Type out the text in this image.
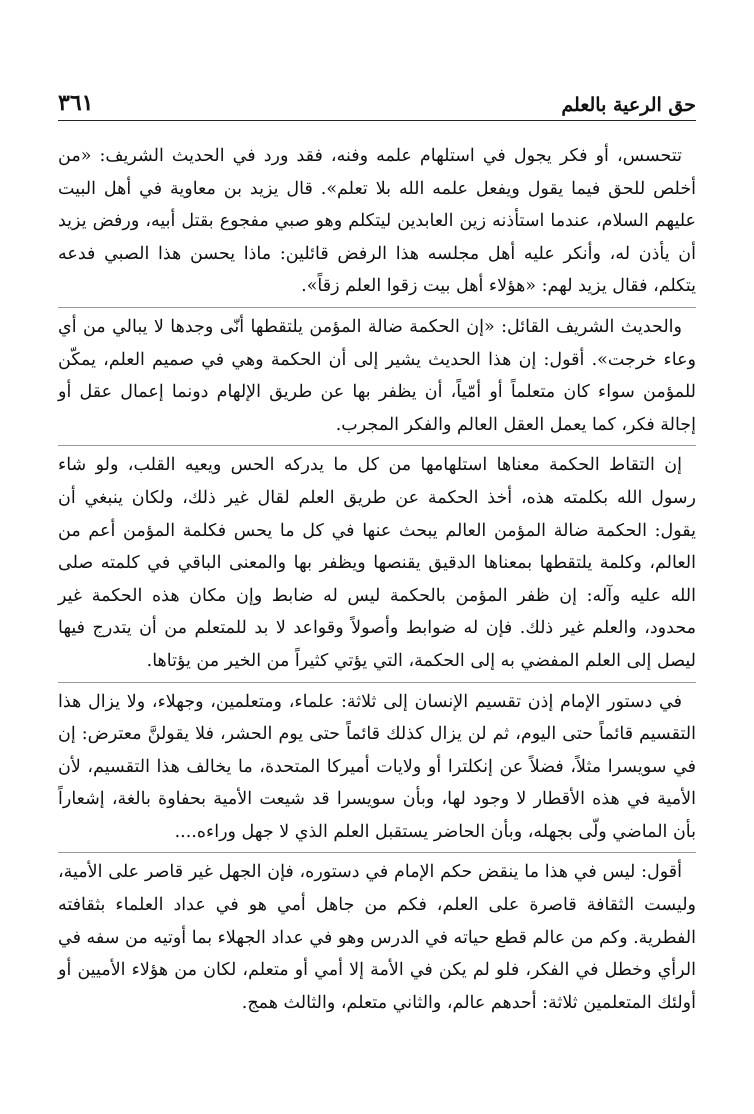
حق الرعية بالعلم
٣٦١

تتحسس، أو فكر يجول في استلهام علمه وفنه، فقد ورد في الحديث الشريف: «من أخلص للحق فيما يقول ويفعل علمه الله بلا تعلم». قال يزيد بن معاوية في أهل البيت عليهم السلام، عندما استأذنه زين العابدين ليتكلم وهو صبي مفجوع بقتل أبيه، ورفض يزيد أن يأذن له، وأنكر عليه أهل مجلسه هذا الرفض قائلين: ماذا يحسن هذا الصبي فدعه يتكلم، فقال يزيد لهم: «هؤلاء أهل بيت زقوا العلم زقاً».

والحديث الشريف القائل: «إن الحكمة ضالة المؤمن يلتقطها أنّى وجدها لا يبالي من أي وعاء خرجت». أقول: إن هذا الحديث يشير إلى أن الحكمة وهي في صميم العلم، يمكّن للمؤمن سواء كان متعلماً أو أمّياً، أن يظفر بها عن طريق الإلهام دونما إعمال عقل أو إجالة فكر، كما يعمل العقل العالم والفكر المجرب.

إن التقاط الحكمة معناها استلهامها من كل ما يدركه الحس ويعيه القلب، ولو شاء رسول الله بكلمته هذه، أخذ الحكمة عن طريق العلم لقال غير ذلك، ولكان ينبغي أن يقول: الحكمة ضالة المؤمن العالم يبحث عنها في كل ما يحس فكلمة المؤمن أعم من العالم، وكلمة يلتقطها بمعناها الدقيق يقنصها ويظفر بها والمعنى الباقي في كلمته صلى الله عليه وآله: إن ظفر المؤمن بالحكمة ليس له ضابط وإن مكان هذه الحكمة غير محدود، والعلم غير ذلك. فإن له ضوابط وأصولاً وقواعد لا بد للمتعلم من أن يتدرج فيها ليصل إلى العلم المفضي به إلى الحكمة، التي يؤتي كثيراً من الخير من يؤتاها.

في دستور الإمام إذن تقسيم الإنسان إلى ثلاثة: علماء، ومتعلمين، وجهلاء، ولا يزال هذا التقسيم قائماً حتى اليوم، ثم لن يزال كذلك قائماً حتى يوم الحشر، فلا يقولنَّ معترض: إن في سويسرا مثلاً، فضلاً عن إنكلترا أو ولايات أميركا المتحدة، ما يخالف هذا التقسيم، لأن الأمية في هذه الأقطار لا وجود لها، وبأن سويسرا قد شيعت الأمية بحفاوة بالغة، إشعاراً بأن الماضي ولّى بجهله، وبأن الحاضر يستقبل العلم الذي لا جهل وراءه....

أقول: ليس في هذا ما ينقض حكم الإمام في دستوره، فإن الجهل غير قاصر على الأمية، وليست الثقافة قاصرة على العلم، فكم من جاهل أمي هو في عداد العلماء بثقافته الفطرية. وكم من عالم قطع حياته في الدرس وهو في عداد الجهلاء بما أوتيه من سفه في الرأي وخطل في الفكر، فلو لم يكن في الأمة إلا أمي أو متعلم، لكان من هؤلاء الأميين أو أولئك المتعلمين ثلاثة: أحدهم عالم، والثاني متعلم، والثالث همج.
